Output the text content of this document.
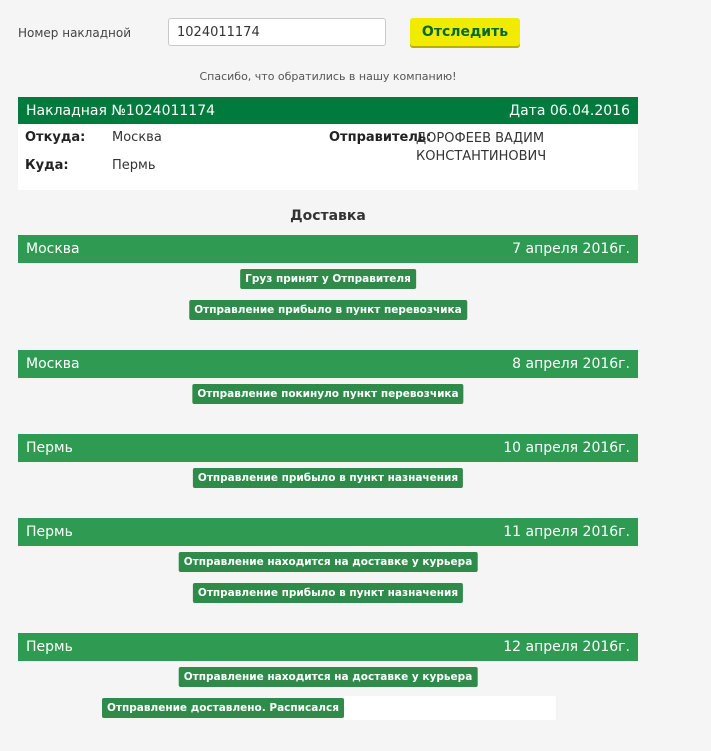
Номер накладной
1024011174	Отследить
Спасибо, что обратились в нашу компанию!
Накладная №1024011174	Дата 06.04.2016
Откуда: Москва
Куда:	Пермь
Отправитель:
ДОРОФЕЕВ ВАДИМ КОНСТАНТИНОВИЧ
Доставка
Москва	7 апреля 2016г.
Груз принят у Отправителя
Отправление прибыло в пункт перевозчика
Москва	8 апреля 2016г.
Отправление покинуло пункт перевозчика
Пермь	10 апреля 2016г.
Отправление прибыло в пункт назначения
Пермь	11 апреля 2016г.
Отправление находится на доставке у курьера
Отправление прибыло в пункт назначения
Пермь	12 апреля 2016г.
Отправление находится на доставке у курьера
Отправление доставлено. Расписался
